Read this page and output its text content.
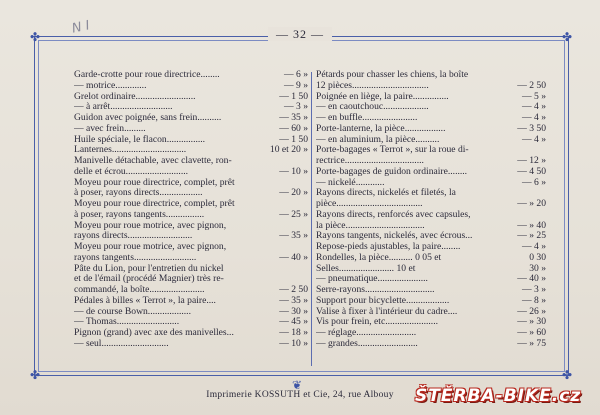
✤	✤
✤	✤
N I	— 32 —
Garde-crotte pour roue directrice........	— 6 »
— motrice.............	— 9 »
Grelot ordinaire.........................	— 1 50
— à arrêt..........................	— 3 »
Guidon avec poignée, sans frein..........	— 35 »
— avec frein.........	— 60 »
Huile spéciale, le flacon................	— 1 50
Lanternes...............................	10 et 20 »
Manivelle détachable, avec clavette, ron-
delle et écrou..........................	— 10 »
Moyeu pour roue directrice, complet, prêt
à poser, rayons directs..................	— 20 »
Moyeu pour roue directrice, complet, prêt
à poser, rayons tangents................	— 25 »
Moyeu pour roue motrice, avec pignon,
rayons directs...........................	— 35 »
Moyeu pour roue motrice, avec pignon,
rayons tangents..........................	— 40 »
Pâte du Lion, pour l'entretien du nickel
et de l'émail (procédé Magnier) très re-
commandé, la boîte.......................	— 2 50
Pédales à billes « Terrot », la paire....	— 35 »
— de course Bown..................	— 30 »
— Thomas..........................	— 45 »
Pignon (grand) avec axe des manivelles...	— 18 »
— seul............................	— 10 »
Pétards pour chasser les chiens, la boîte
12 pièces................................	— 2 50
Poignée en liège, la paire...............	— 5 »
— en caoutchouc...................	— 4 »
— en buffle.......................	— 4 »
Porte-lanterne, la pièce.................	— 3 50
— en aluminium, la pièce..........	— 4 »
Porte-bagages « Terrot », sur la roue di-
rectrice.................................	— 12 »
Porte-bagages de guidon ordinaire........	— 4 50
— nickelé............	— 6 »
Rayons directs, nickelés et filetés, la
pièce....................................	— » 20
Rayons directs, renforcés avec capsules,
la pièce.................................	— » 40
Rayons tangents, nickelés, avec écrous...	— » 25
Repose-pieds ajustables, la paire........	— 4 »
Rondelles, la pièce.......... 0 05 et	0 30
Selles....................... 10 et	30 »
— pneumatique.....................	— 40 »
Serre-rayons.............................	— 3 »
Support pour bicyclette..................	— 8 »
Valise à fixer à l'intérieur du cadre....	— 26 »
Vis pour frein, etc......................	— » 30
— réglage.........................	— » 60
— grandes.........................	— » 75
❦
Imprimerie KOSSUTH et Cie, 24, rue Albouy	ŠTĚRBA-BIKE.cz
